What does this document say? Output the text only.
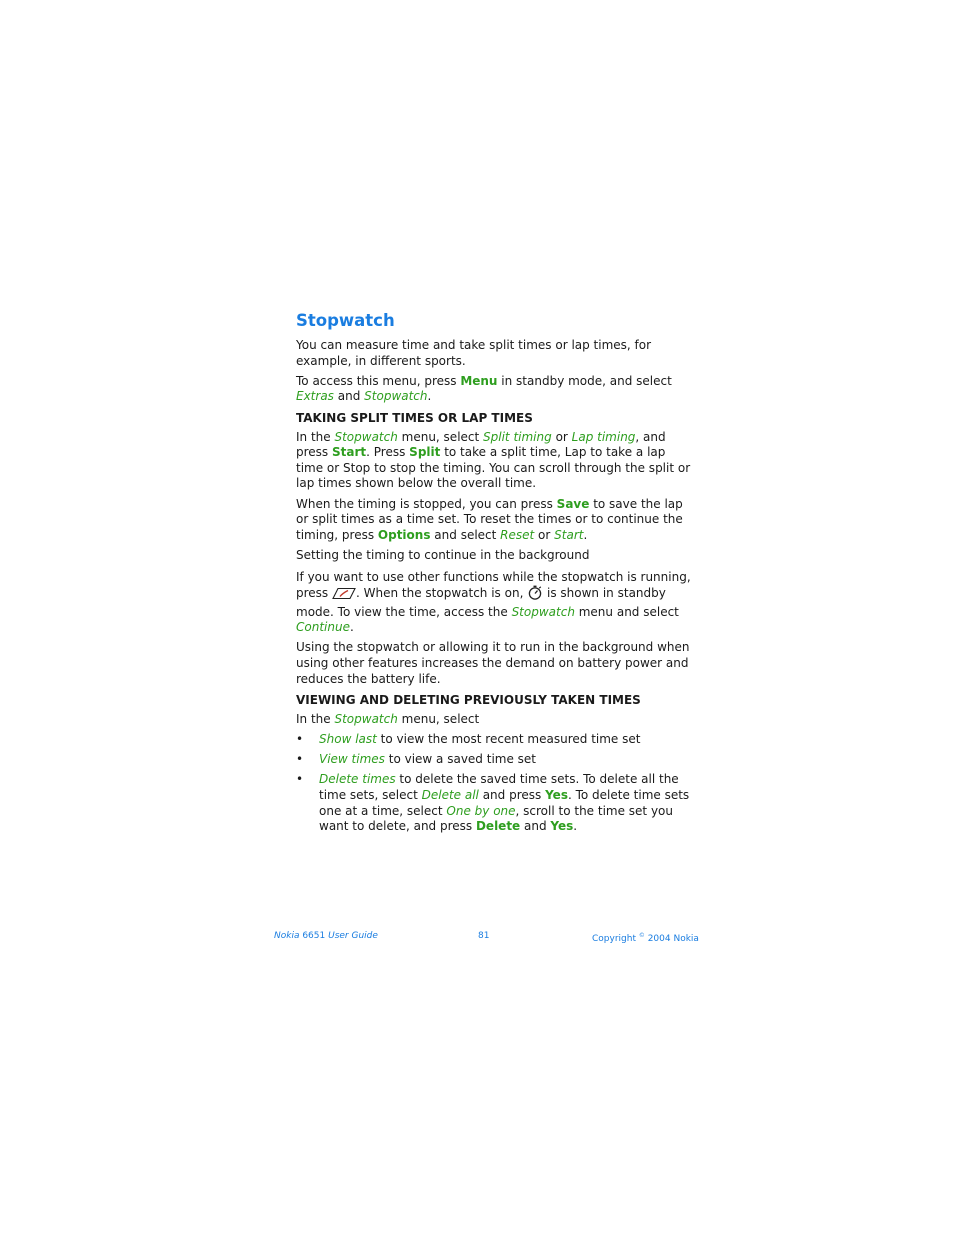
Stopwatch

You can measure time and take split times or lap times, for example, in different sports.

To access this menu, press Menu in standby mode, and select Extras and Stopwatch.

TAKING SPLIT TIMES OR LAP TIMES

In the Stopwatch menu, select Split timing or Lap timing, and press Start. Press Split to take a split time, Lap to take a lap time or Stop to stop the timing. You can scroll through the split or lap times shown below the overall time.

When the timing is stopped, you can press Save to save the lap or split times as a time set. To reset the times or to continue the timing, press Options and select Reset or Start.

Setting the timing to continue in the background

If you want to use other functions while the stopwatch is running, press . When the stopwatch is on,  is shown in standby mode. To view the time, access the Stopwatch menu and select Continue.

Using the stopwatch or allowing it to run in the background when using other features increases the demand on battery power and reduces the battery life.

VIEWING AND DELETING PREVIOUSLY TAKEN TIMES

In the Stopwatch menu, select

• Show last to view the most recent measured time set
• View times to view a saved time set
• Delete times to delete the saved time sets. To delete all the time sets, select Delete all and press Yes. To delete time sets one at a time, select One by one, scroll to the time set you want to delete, and press Delete and Yes.
Nokia 6651 User Guide	81	Copyright © 2004 Nokia
